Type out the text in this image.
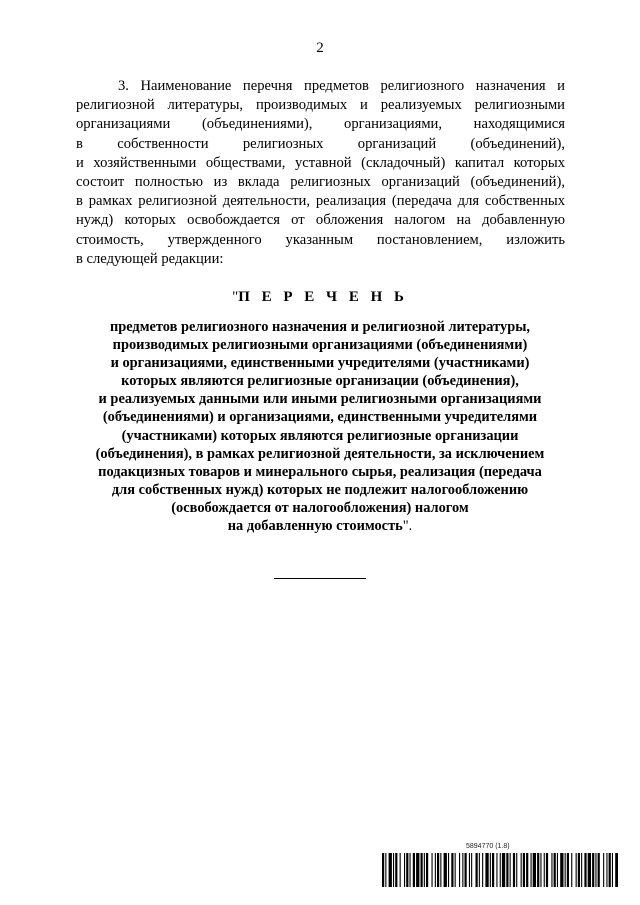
2

3. Наименование перечня предметов религиозного назначения и
религиозной литературы, производимых и реализуемых религиозными
организациями (объединениями), организациями, находящимися
в собственности религиозных организаций (объединений),
и хозяйственными обществами, уставной (складочный) капитал которых
состоит полностью из вклада религиозных организаций (объединений),
в рамках религиозной деятельности, реализация (передача для собственных
нужд) которых освобождается от обложения налогом на добавленную
стоимость, утвержденного указанным постановлением, изложить
в следующей редакции:

"П Е Р Е Ч Е Н Ь
предметов религиозного назначения и религиозной литературы,
производимых религиозными организациями (объединениями)
и организациями, единственными учредителями (участниками)
которых являются религиозные организации (объединения),
и реализуемых данными или иными религиозными организациями
(объединениями) и организациями, единственными учредителями
(участниками) которых являются религиозные организации
(объединения), в рамках религиозной деятельности, за исключением
подакцизных товаров и минерального сырья, реализация (передача
для собственных нужд) которых не подлежит налогообложению
(освобождается от налогообложения) налогом
на добавленную стоимость".
5894770 (1.8)
